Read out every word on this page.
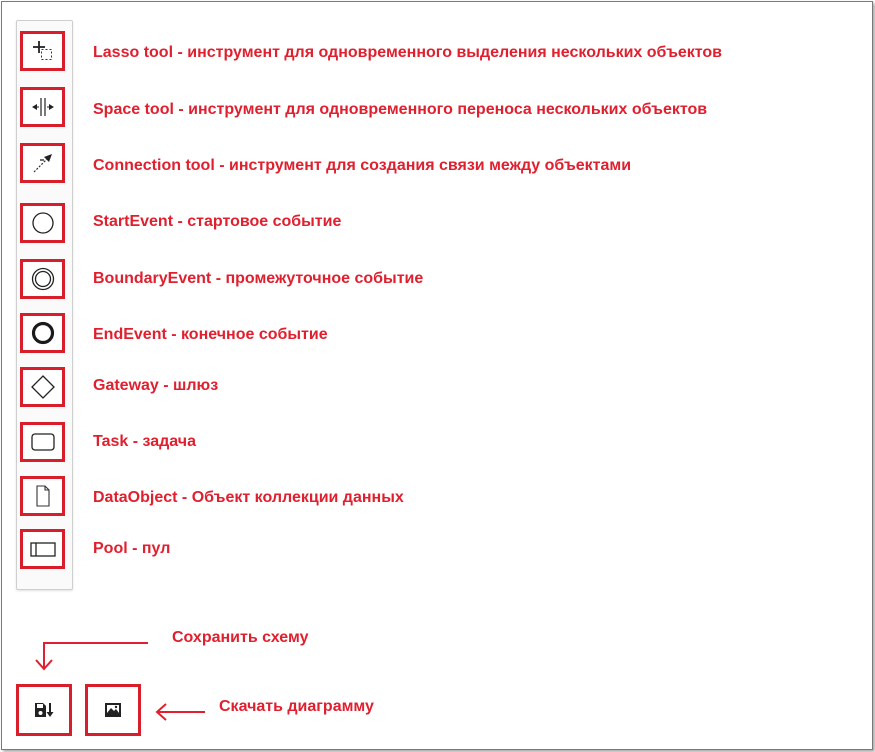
Lasso tool - инструмент для одновременного выделения нескольких объектов
Space tool - инструмент для одновременного переноса нескольких объектов
Connection tool - инструмент для создания связи между объектами
StartEvent - стартовое событие
BoundaryEvent - промежуточное событие
EndEvent - конечное событие
Gateway - шлюз
Task - задача
DataObject - Объект коллекции данных
Pool - пул
Сохранить схему
Скачать диаграмму
